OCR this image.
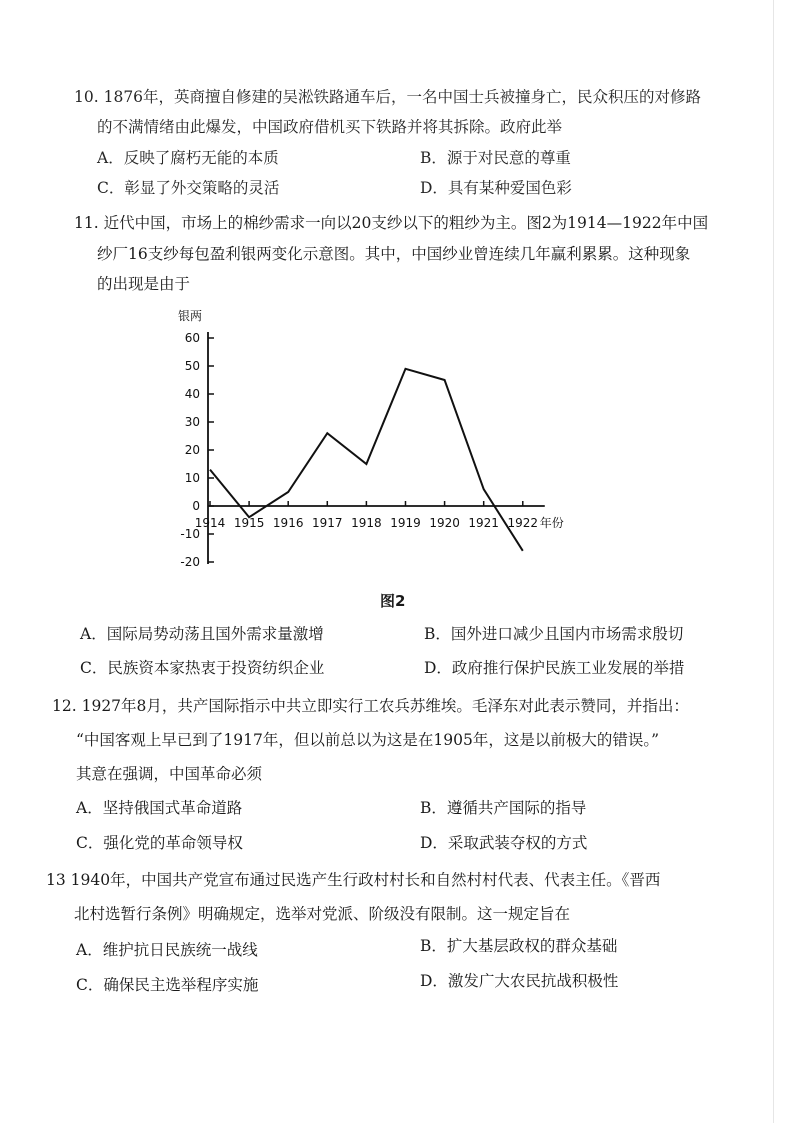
10. 1876年，英商擅自修建的吴淞铁路通车后，一名中国士兵被撞身亡，民众积压的对修路
的不满情绪由此爆发，中国政府借机买下铁路并将其拆除。政府此举
A．反映了腐朽无能的本质	B．源于对民意的尊重
C．彰显了外交策略的灵活	D．具有某种爱国色彩
11. 近代中国，市场上的棉纱需求一向以20支纱以下的粗纱为主。图2为1914—1922年中国
纱厂16支纱每包盈利银两变化示意图。其中，中国纱业曾连续几年赢利累累。这种现象
的出现是由于
银两
年份
60
50
40
30
20
10
0
-10
-20
1914 1915 1916 1917 1918 1919 1920 1921 1922
图2
A．国际局势动荡且国外需求量激增	B．国外进口减少且国内市场需求殷切
C．民族资本家热衷于投资纺织企业	D．政府推行保护民族工业发展的举措
12. 1927年8月，共产国际指示中共立即实行工农兵苏维埃。毛泽东对此表示赞同，并指出：
“中国客观上早已到了1917年，但以前总以为这是在1905年，这是以前极大的错误。”
其意在强调，中国革命必须
A．坚持俄国式革命道路	B．遵循共产国际的指导
C．强化党的革命领导权	D．采取武装夺权的方式
13 1940年，中国共产党宣布通过民选产生行政村村长和自然村村代表、代表主任。《晋西
北村选暂行条例》明确规定，选举对党派、阶级没有限制。这一规定旨在
A．维护抗日民族统一战线	B．扩大基层政权的群众基础
C．确保民主选举程序实施	D．激发广大农民抗战积极性
